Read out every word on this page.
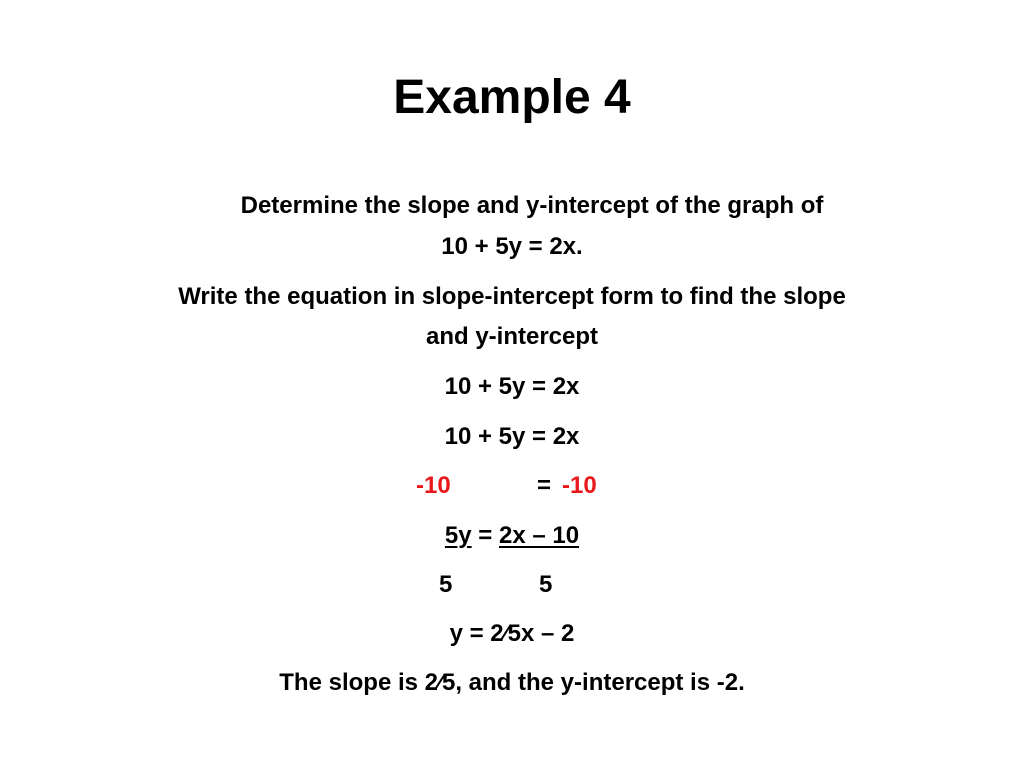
Example 4
Determine the slope and y-intercept of the graph of
10 + 5y = 2x.
Write the equation in slope-intercept form to find the slope
and y-intercept
10 + 5y = 2x
10 + 5y = 2x
-10	= -10
5y = 2x – 10
5	5
y = 2⁄5x – 2
The slope is 2⁄5, and the y-intercept is -2.
